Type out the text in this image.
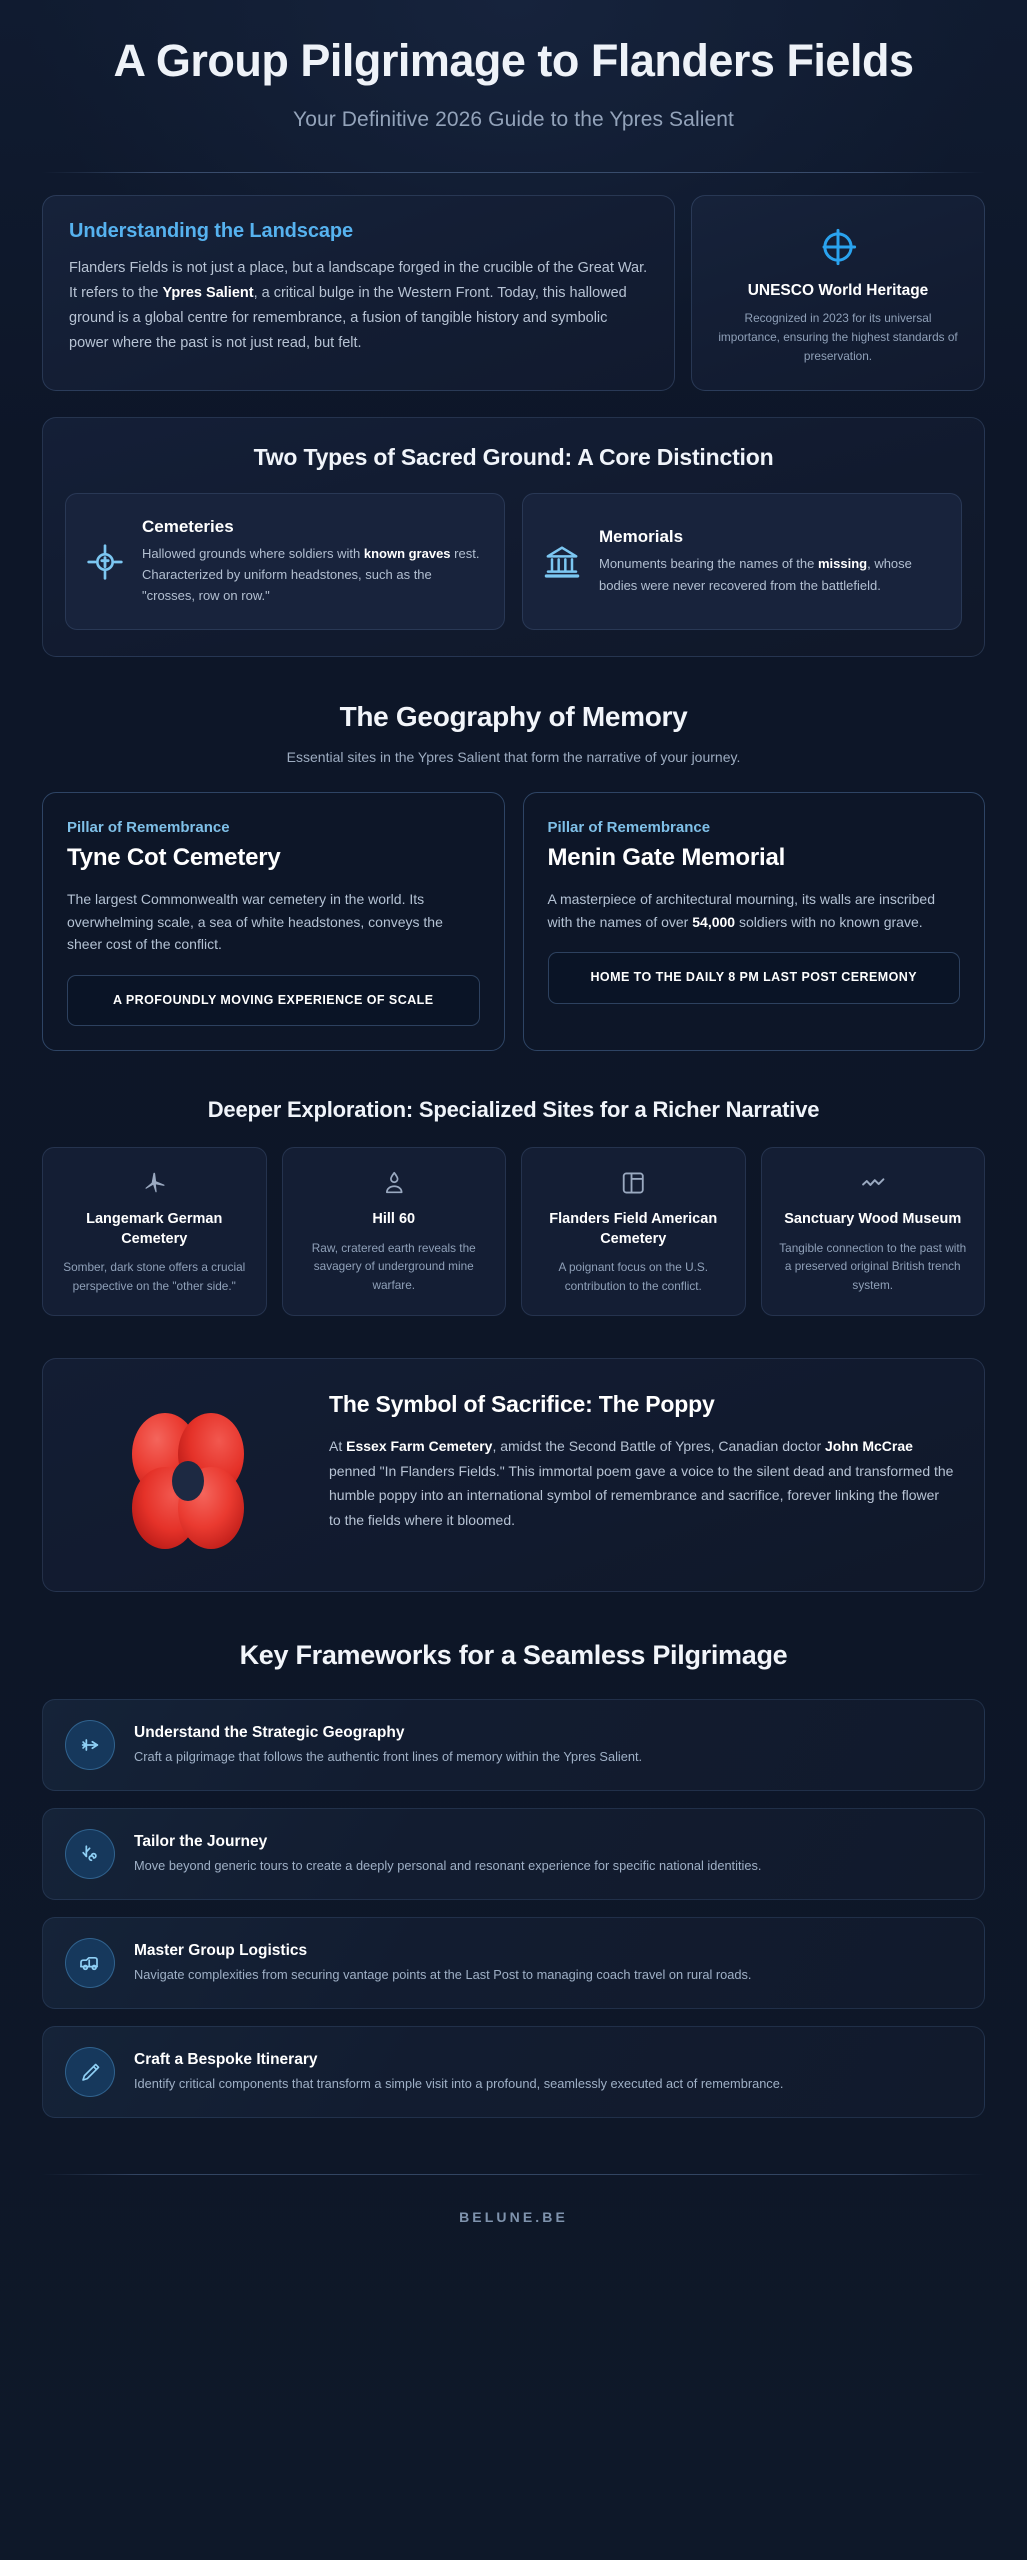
A Group Pilgrimage to Flanders Fields
Your Definitive 2026 Guide to the Ypres Salient
Understanding the Landscape
Flanders Fields is not just a place, but a landscape forged in the crucible of the Great War. It refers to the Ypres Salient, a critical bulge in the Western Front. Today, this hallowed ground is a global centre for remembrance, a fusion of tangible history and symbolic power where the past is not just read, but felt.
UNESCO World Heritage
Recognized in 2023 for its universal importance, ensuring the highest standards of preservation.
Two Types of Sacred Ground: A Core Distinction
Cemeteries
Hallowed grounds where soldiers with known graves rest. Characterized by uniform headstones, such as the "crosses, row on row."
Memorials
Monuments bearing the names of the missing, whose bodies were never recovered from the battlefield.
The Geography of Memory
Essential sites in the Ypres Salient that form the narrative of your journey.
Pillar of Remembrance
Tyne Cot Cemetery
The largest Commonwealth war cemetery in the world. Its overwhelming scale, a sea of white headstones, conveys the sheer cost of the conflict.
A PROFOUNDLY MOVING EXPERIENCE OF SCALE
Pillar of Remembrance
Menin Gate Memorial
A masterpiece of architectural mourning, its walls are inscribed with the names of over 54,000 soldiers with no known grave.
HOME TO THE DAILY 8 PM LAST POST CEREMONY
Deeper Exploration: Specialized Sites for a Richer Narrative
Langemark German Cemetery
Somber, dark stone offers a crucial perspective on the "other side."
Hill 60
Raw, cratered earth reveals the savagery of underground mine warfare.
Flanders Field American Cemetery
A poignant focus on the U.S. contribution to the conflict.
Sanctuary Wood Museum
Tangible connection to the past with a preserved original British trench system.
The Symbol of Sacrifice: The Poppy
At Essex Farm Cemetery, amidst the Second Battle of Ypres, Canadian doctor John McCrae penned "In Flanders Fields." This immortal poem gave a voice to the silent dead and transformed the humble poppy into an international symbol of remembrance and sacrifice, forever linking the flower to the fields where it bloomed.
Key Frameworks for a Seamless Pilgrimage
Understand the Strategic Geography
Craft a pilgrimage that follows the authentic front lines of memory within the Ypres Salient.
Tailor the Journey
Move beyond generic tours to create a deeply personal and resonant experience for specific national identities.
Master Group Logistics
Navigate complexities from securing vantage points at the Last Post to managing coach travel on rural roads.
Craft a Bespoke Itinerary
Identify critical components that transform a simple visit into a profound, seamlessly executed act of remembrance.
BELUNE.BE
